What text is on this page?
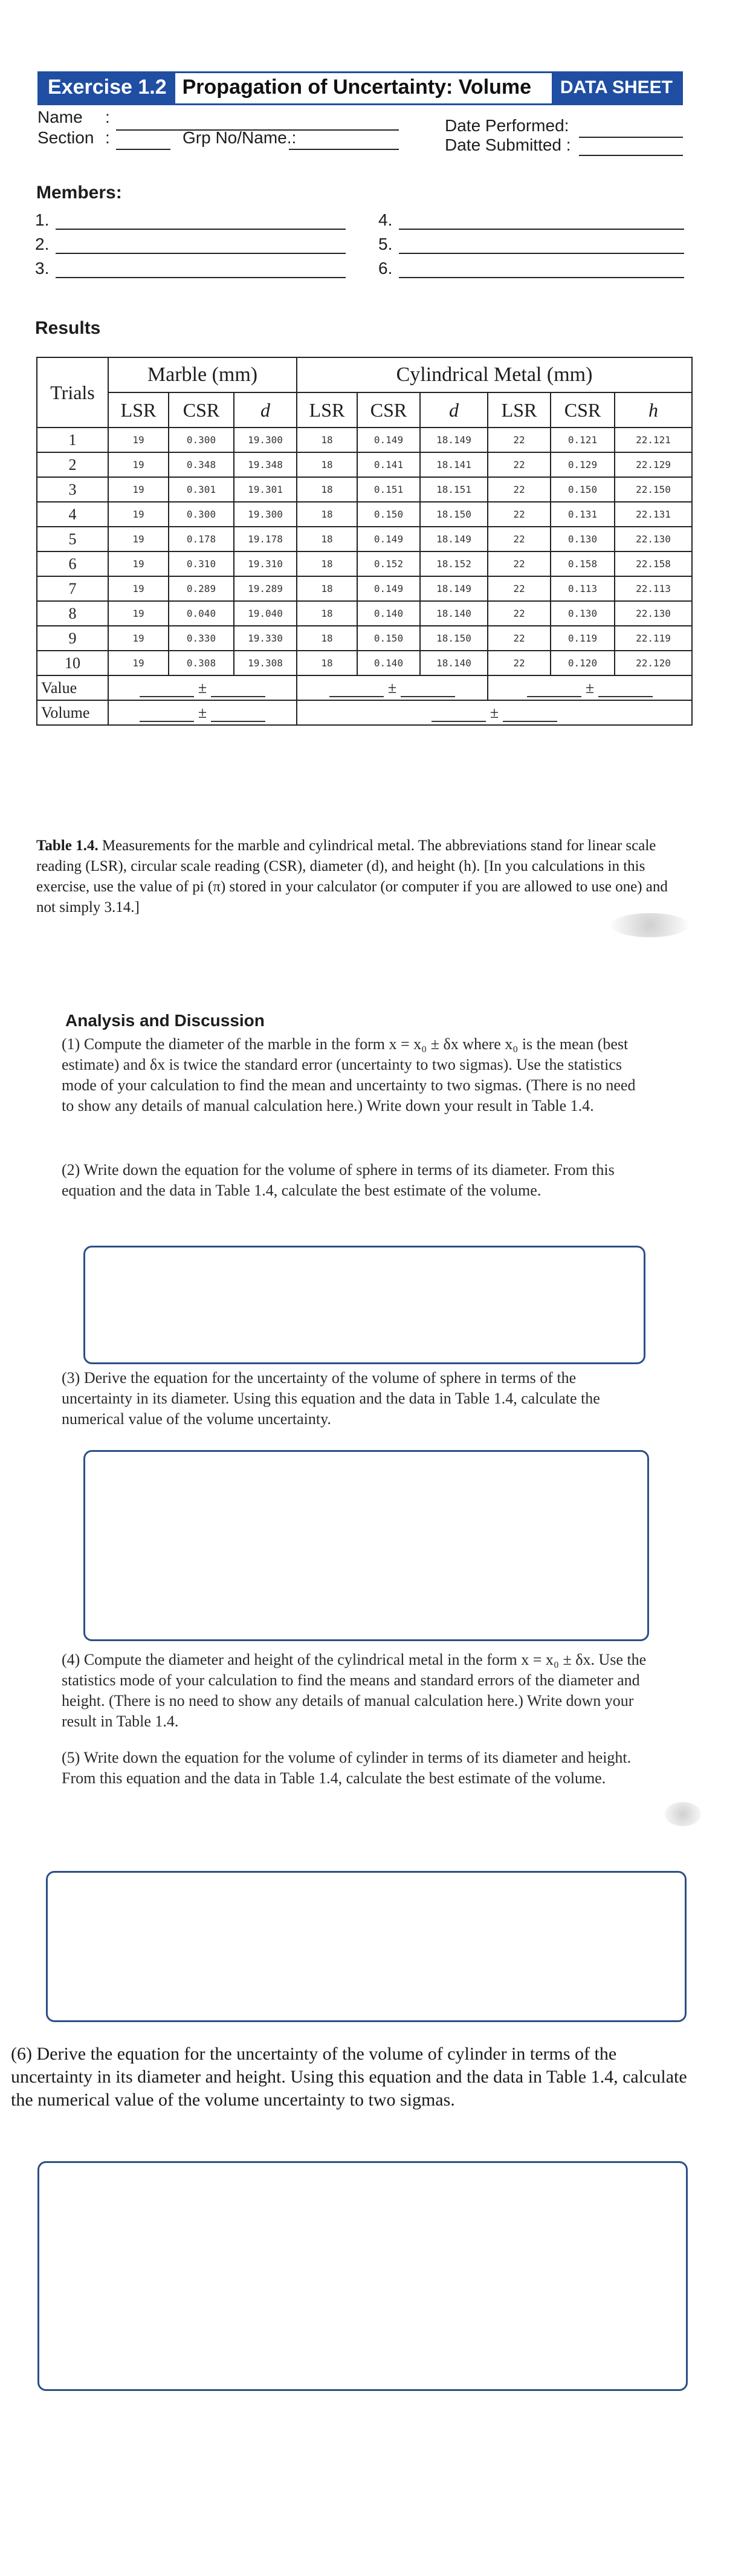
Exercise 1.2 Propagation of Uncertainty: Volume	DATA SHEET
Name :
Section :	Grp No/Name.:
Date Performed:
Date Submitted :
Members:
1.
2.
3.
4.
5.
6.
Results
Trials	Marble (mm)			Cylindrical Metal (mm)					
	LSR	CSR	d	LSR	CSR	d	LSR	CSR	h
1	19	0.300	19.300	18	0.149	18.149	22	0.121	22.121
2	19	0.348	19.348	18	0.141	18.141	22	0.129	22.129
3	19	0.301	19.301	18	0.151	18.151	22	0.150	22.150
4	19	0.300	19.300	18	0.150	18.150	22	0.131	22.131
5	19	0.178	19.178	18	0.149	18.149	22	0.130	22.130
6	19	0.310	19.310	18	0.152	18.152	22	0.158	22.158
7	19	0.289	19.289	18	0.149	18.149	22	0.113	22.113
8	19	0.040	19.040	18	0.140	18.140	22	0.130	22.130
9	19	0.330	19.330	18	0.150	18.150	22	0.119	22.119
10	19	0.308	19.308	18	0.140	18.140	22	0.120	22.120
Value	±			±			±		
Volume	±			±					
Table 1.4. Measurements for the marble and cylindrical metal. The abbreviations stand for linear scale reading (LSR), circular scale reading (CSR), diameter (d), and height (h). [In you calculations in this exercise, use the value of pi (π) stored in your calculator (or computer if you are allowed to use one) and not simply 3.14.]
Analysis and Discussion
(1) Compute the diameter of the marble in the form x = x₀ ± δx where x₀ is the mean (best estimate) and δx is twice the standard error (uncertainty to two sigmas). Use the statistics mode of your calculation to find the mean and uncertainty to two sigmas. (There is no need to show any details of manual calculation here.) Write down your result in Table 1.4.
(2) Write down the equation for the volume of sphere in terms of its diameter. From this equation and the data in Table 1.4, calculate the best estimate of the volume.
(3) Derive the equation for the uncertainty of the volume of sphere in terms of the uncertainty in its diameter. Using this equation and the data in Table 1.4, calculate the numerical value of the volume uncertainty.
(4) Compute the diameter and height of the cylindrical metal in the form x = x₀ ± δx. Use the statistics mode of your calculation to find the means and standard errors of the diameter and height. (There is no need to show any details of manual calculation here.) Write down your result in Table 1.4.
(5) Write down the equation for the volume of cylinder in terms of its diameter and height. From this equation and the data in Table 1.4, calculate the best estimate of the volume.
(6) Derive the equation for the uncertainty of the volume of cylinder in terms of the uncertainty in its diameter and height. Using this equation and the data in Table 1.4, calculate the numerical value of the volume uncertainty to two sigmas.
